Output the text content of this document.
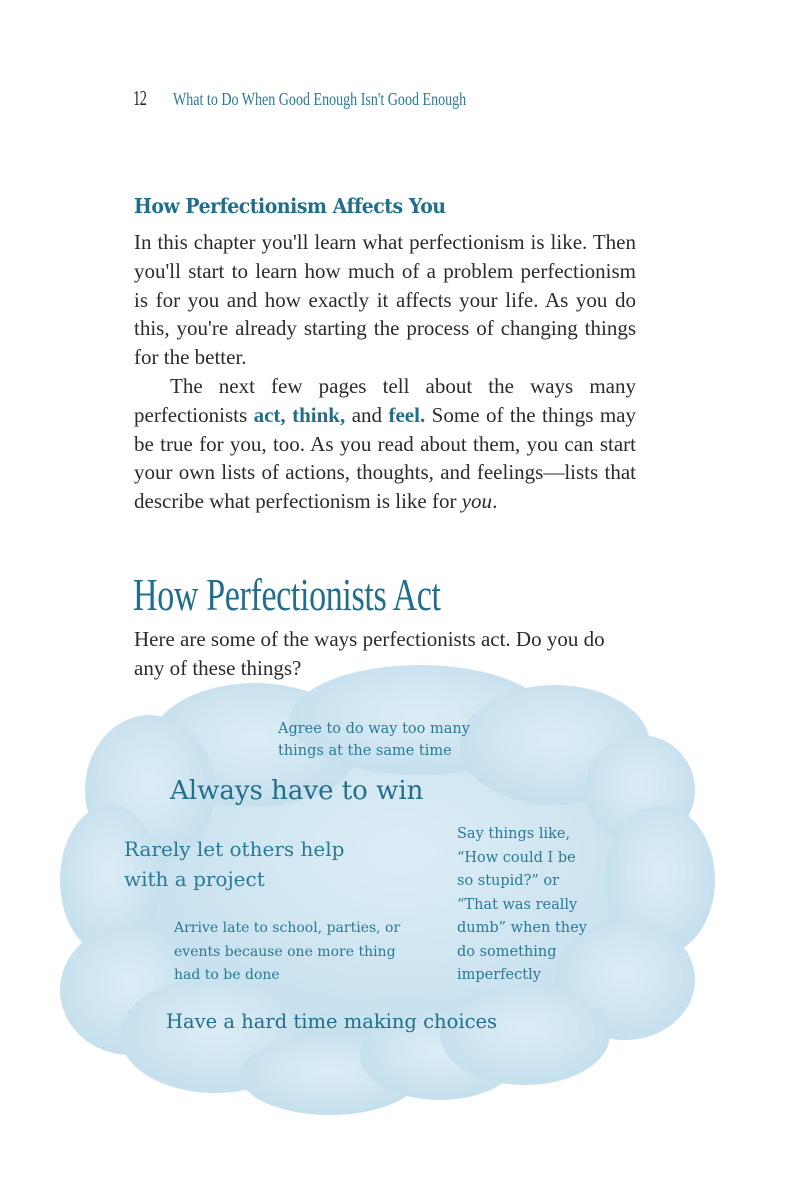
12 What to Do When Good Enough Isn't Good Enough
How Perfectionism Affects You
In this chapter you'll learn what perfectionism is like. Then you'll start to learn how much of a problem perfectionism is for you and how exactly it affects your life. As you do this, you're already starting the process of changing things for the better.
The next few pages tell about the ways many perfectionists act, think, and feel. Some of the things may be true for you, too. As you read about them, you can start your own lists of actions, thoughts, and feelings—lists that describe what perfectionism is like for you.
How Perfectionists Act
Here are some of the ways perfectionists act. Do you do any of these things?
Agree to do way too many
things at the same time
Always have to win
Rarely let others help
with a project
Say things like,
“How could I be
so stupid?” or
“That was really
dumb” when they
do something
imperfectly
Arrive late to school, parties, or
events because one more thing
had to be done
Have a hard time making choices
